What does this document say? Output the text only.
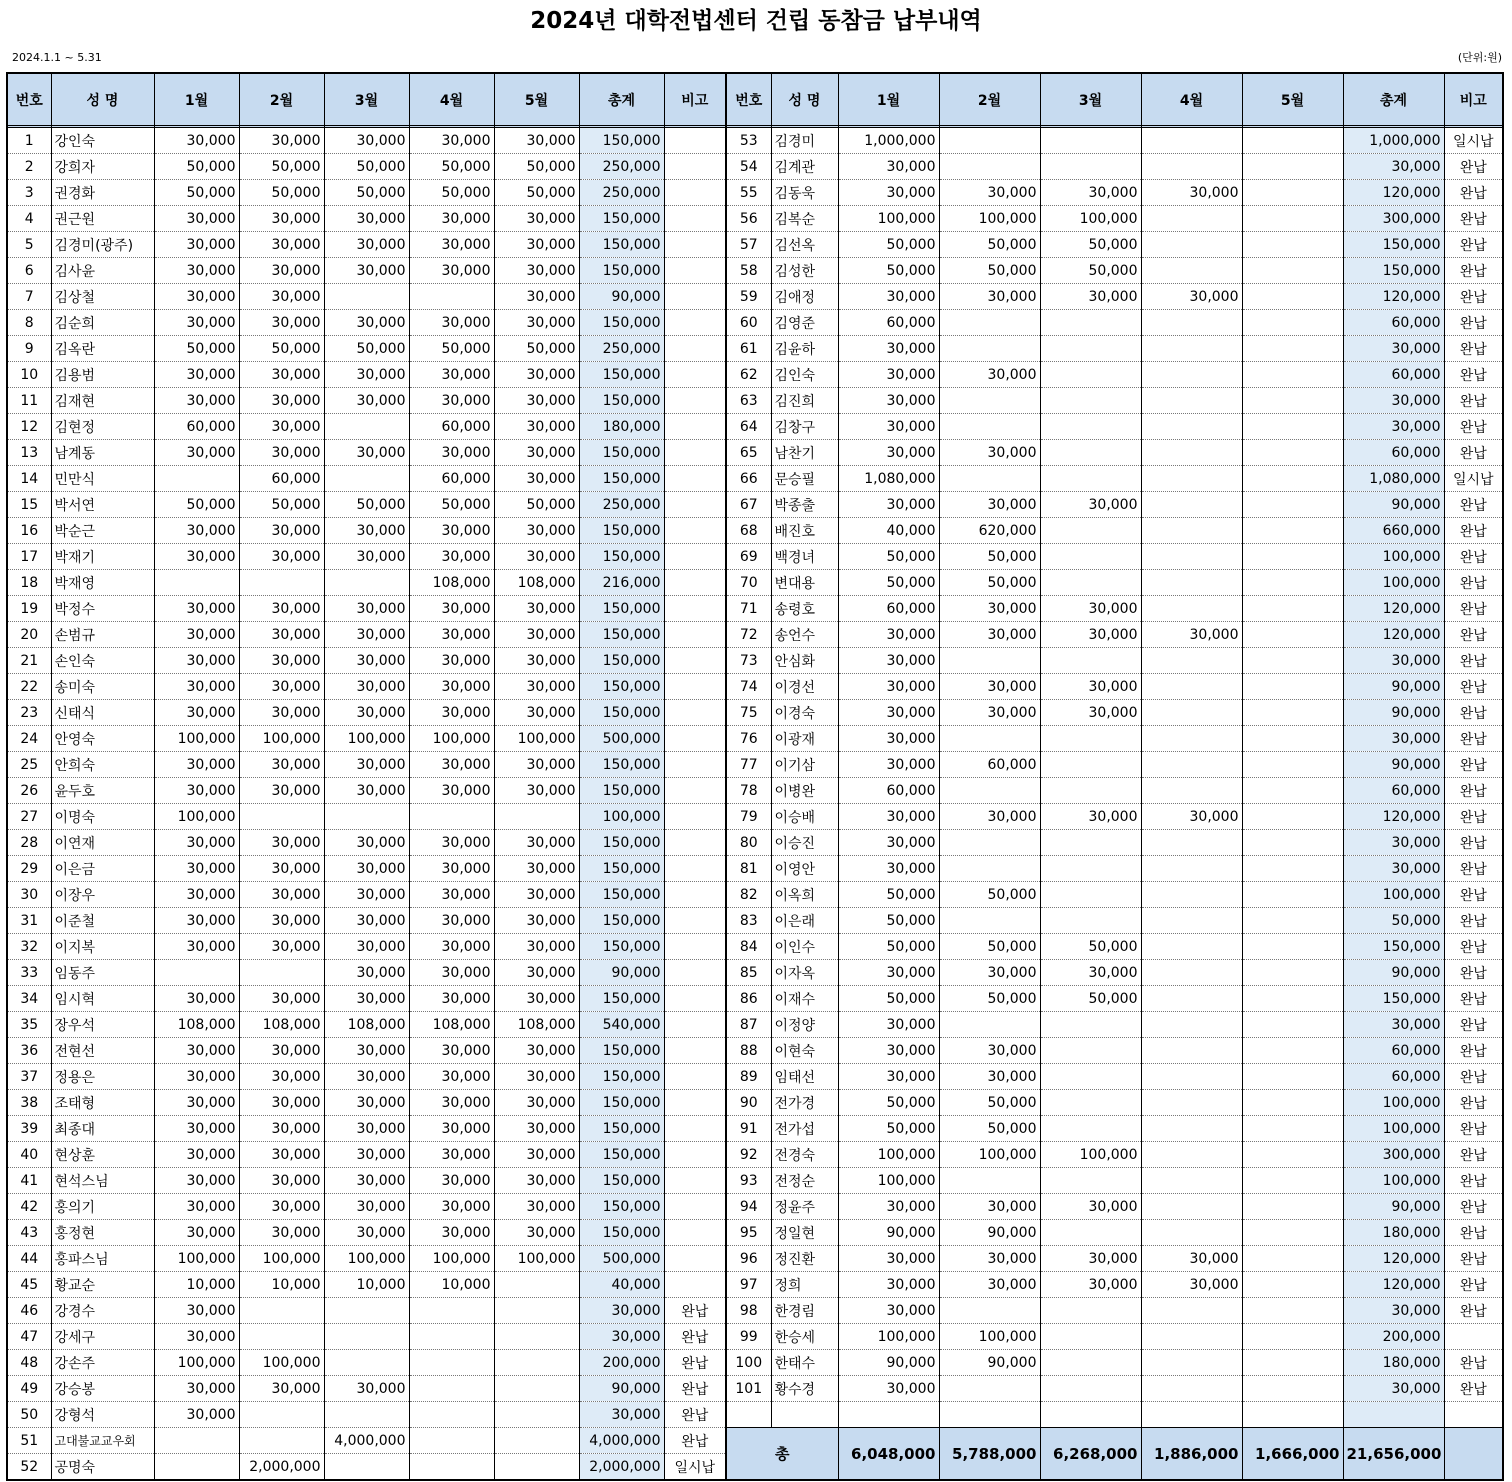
2024년 대학전법센터 건립 동참금 납부내역
2024.1.1 ~ 5.31	(단위:원)
번호	성 명	1월	2월	3월	4월	5월	총계	비고	번호	성 명	1월	2월	3월	4월	5월	총계	비고

1	강인숙	30,000	30,000	30,000	30,000	30,000	150,000		53	김경미	1,000,000					1,000,000	일시납
2	강희자	50,000	50,000	50,000	50,000	50,000	250,000		54	김계관	30,000					30,000	완납
3	권경화	50,000	50,000	50,000	50,000	50,000	250,000		55	김동욱	30,000	30,000	30,000	30,000		120,000	완납
4	권근원	30,000	30,000	30,000	30,000	30,000	150,000		56	김복순	100,000	100,000	100,000			300,000	완납
5	김경미(광주)	30,000	30,000	30,000	30,000	30,000	150,000		57	김선옥	50,000	50,000	50,000			150,000	완납
6	김사윤	30,000	30,000	30,000	30,000	30,000	150,000		58	김성한	50,000	50,000	50,000			150,000	완납
7	김상철	30,000	30,000			30,000	90,000		59	김애정	30,000	30,000	30,000	30,000		120,000	완납
8	김순희	30,000	30,000	30,000	30,000	30,000	150,000		60	김영준	60,000					60,000	완납
9	김옥란	50,000	50,000	50,000	50,000	50,000	250,000		61	김윤하	30,000					30,000	완납
10	김용범	30,000	30,000	30,000	30,000	30,000	150,000		62	김인숙	30,000	30,000				60,000	완납
11	김재현	30,000	30,000	30,000	30,000	30,000	150,000		63	김진희	30,000					30,000	완납
12	김현정	60,000	30,000		60,000	30,000	180,000		64	김창구	30,000					30,000	완납
13	남계동	30,000	30,000	30,000	30,000	30,000	150,000		65	남찬기	30,000	30,000				60,000	완납
14	민만식		60,000		60,000	30,000	150,000		66	문승필	1,080,000					1,080,000	일시납
15	박서연	50,000	50,000	50,000	50,000	50,000	250,000		67	박종출	30,000	30,000	30,000			90,000	완납
16	박순근	30,000	30,000	30,000	30,000	30,000	150,000		68	배진호	40,000	620,000				660,000	완납
17	박재기	30,000	30,000	30,000	30,000	30,000	150,000		69	백경녀	50,000	50,000				100,000	완납
18	박재영				108,000	108,000	216,000		70	변대용	50,000	50,000				100,000	완납
19	박정수	30,000	30,000	30,000	30,000	30,000	150,000		71	송령호	60,000	30,000	30,000			120,000	완납
20	손범규	30,000	30,000	30,000	30,000	30,000	150,000		72	송언수	30,000	30,000	30,000	30,000		120,000	완납
21	손인숙	30,000	30,000	30,000	30,000	30,000	150,000		73	안심화	30,000					30,000	완납
22	송미숙	30,000	30,000	30,000	30,000	30,000	150,000		74	이경선	30,000	30,000	30,000			90,000	완납
23	신태식	30,000	30,000	30,000	30,000	30,000	150,000		75	이경숙	30,000	30,000	30,000			90,000	완납
24	안영숙	100,000	100,000	100,000	100,000	100,000	500,000		76	이광재	30,000					30,000	완납
25	안희숙	30,000	30,000	30,000	30,000	30,000	150,000		77	이기삼	30,000	60,000				90,000	완납
26	윤두호	30,000	30,000	30,000	30,000	30,000	150,000		78	이병완	60,000					60,000	완납
27	이명숙	100,000					100,000		79	이승배	30,000	30,000	30,000	30,000		120,000	완납
28	이연재	30,000	30,000	30,000	30,000	30,000	150,000		80	이승진	30,000					30,000	완납
29	이은금	30,000	30,000	30,000	30,000	30,000	150,000		81	이영안	30,000					30,000	완납
30	이장우	30,000	30,000	30,000	30,000	30,000	150,000		82	이옥희	50,000	50,000				100,000	완납
31	이준철	30,000	30,000	30,000	30,000	30,000	150,000		83	이은래	50,000					50,000	완납
32	이지복	30,000	30,000	30,000	30,000	30,000	150,000		84	이인수	50,000	50,000	50,000			150,000	완납
33	임동주			30,000	30,000	30,000	90,000		85	이자옥	30,000	30,000	30,000			90,000	완납
34	임시혁	30,000	30,000	30,000	30,000	30,000	150,000		86	이재수	50,000	50,000	50,000			150,000	완납
35	장우석	108,000	108,000	108,000	108,000	108,000	540,000		87	이정양	30,000					30,000	완납
36	전현선	30,000	30,000	30,000	30,000	30,000	150,000		88	이현숙	30,000	30,000				60,000	완납
37	정용은	30,000	30,000	30,000	30,000	30,000	150,000		89	임태선	30,000	30,000				60,000	완납
38	조태형	30,000	30,000	30,000	30,000	30,000	150,000		90	전가경	50,000	50,000				100,000	완납
39	최종대	30,000	30,000	30,000	30,000	30,000	150,000		91	전가섭	50,000	50,000				100,000	완납
40	현상훈	30,000	30,000	30,000	30,000	30,000	150,000		92	전경숙	100,000	100,000	100,000			300,000	완납
41	현석스님	30,000	30,000	30,000	30,000	30,000	150,000		93	전정순	100,000					100,000	완납
42	홍의기	30,000	30,000	30,000	30,000	30,000	150,000		94	정윤주	30,000	30,000	30,000			90,000	완납
43	홍정현	30,000	30,000	30,000	30,000	30,000	150,000		95	정일현	90,000	90,000				180,000	완납
44	홍파스님	100,000	100,000	100,000	100,000	100,000	500,000		96	정진환	30,000	30,000	30,000	30,000		120,000	완납
45	황교순	10,000	10,000	10,000	10,000		40,000		97	정희	30,000	30,000	30,000	30,000		120,000	완납
46	강경수	30,000					30,000	완납	98	한경림	30,000					30,000	완납
47	강세구	30,000					30,000	완납	99	한승세	100,000	100,000				200,000	
48	강손주	100,000	100,000				200,000	완납	100	한태수	90,000	90,000				180,000	완납
49	강승봉	30,000	30,000	30,000			90,000	완납	101	황수경	30,000					30,000	완납
50	강형석	30,000					30,000	완납									
51	고대불교교우회			4,000,000			4,000,000	완납	총		6,048,000	5,788,000	6,268,000	1,886,000	1,666,000	21,656,000	
52	공명숙		2,000,000				2,000,000	일시납									
